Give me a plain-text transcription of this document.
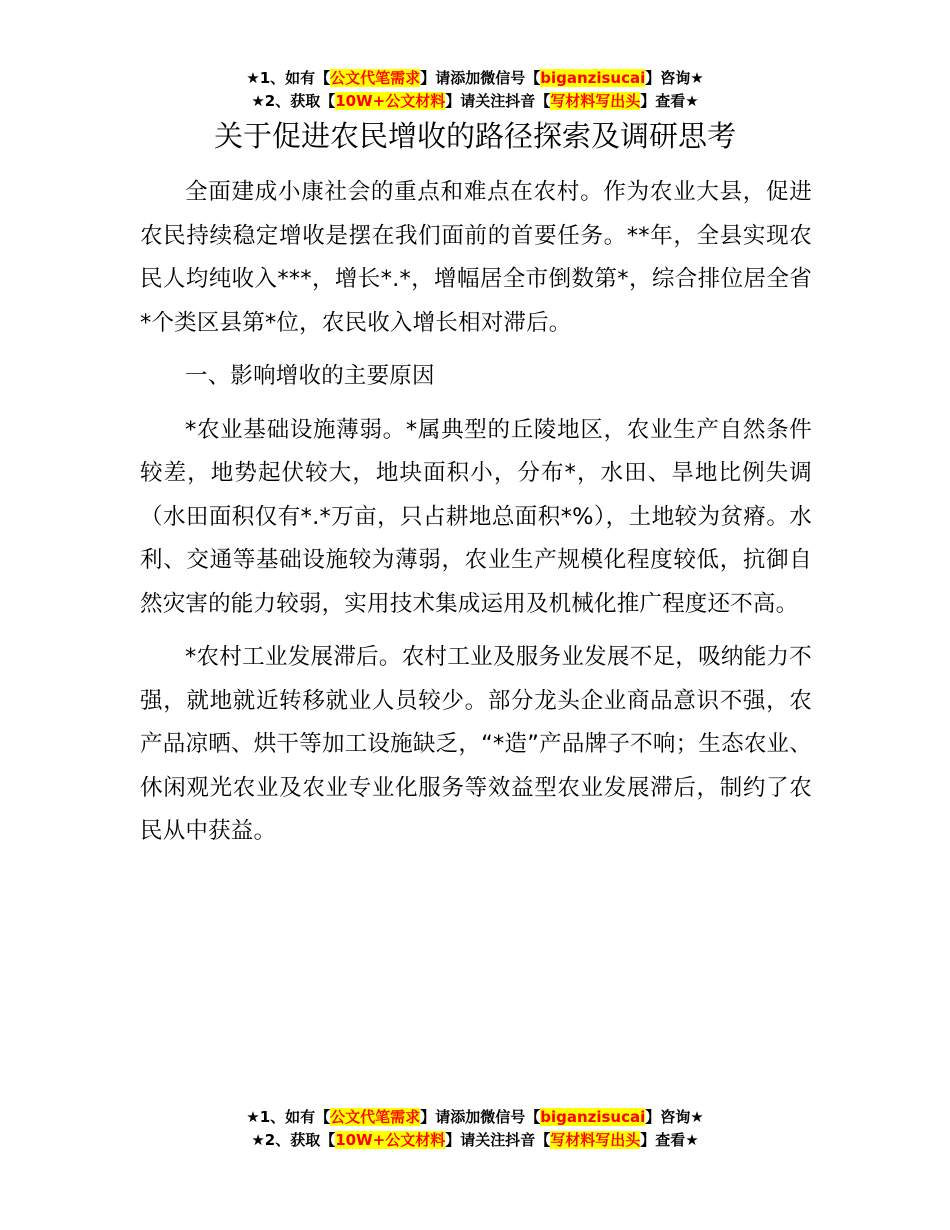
★1、如有【公文代笔需求】请添加微信号【biganzisucai】咨询★
★2、获取【10W+公文材料】请关注抖音【写材料写出头】查看★
关于促进农民增收的路径探索及调研思考

全面建成小康社会的重点和难点在农村。作为农业大县，促进农民持续稳定增收是摆在我们面前的首要任务。**年，全县实现农民人均纯收入***，增长*.*，增幅居全市倒数第*，综合排位居全省*个类区县第*位，农民收入增长相对滞后。

一、影响增收的主要原因

*农业基础设施薄弱。*属典型的丘陵地区，农业生产自然条件较差，地势起伏较大，地块面积小，分布*，水田、旱地比例失调（水田面积仅有*.*万亩，只占耕地总面积*%），土地较为贫瘠。水利、交通等基础设施较为薄弱，农业生产规模化程度较低，抗御自然灾害的能力较弱，实用技术集成运用及机械化推广程度还不高。

*农村工业发展滞后。农村工业及服务业发展不足，吸纳能力不强，就地就近转移就业人员较少。部分龙头企业商品意识不强，农产品凉晒、烘干等加工设施缺乏，“*造”产品牌子不响；生态农业、休闲观光农业及农业专业化服务等效益型农业发展滞后，制约了农民从中获益。

★1、如有【公文代笔需求】请添加微信号【biganzisucai】咨询★
★2、获取【10W+公文材料】请关注抖音【写材料写出头】查看★
